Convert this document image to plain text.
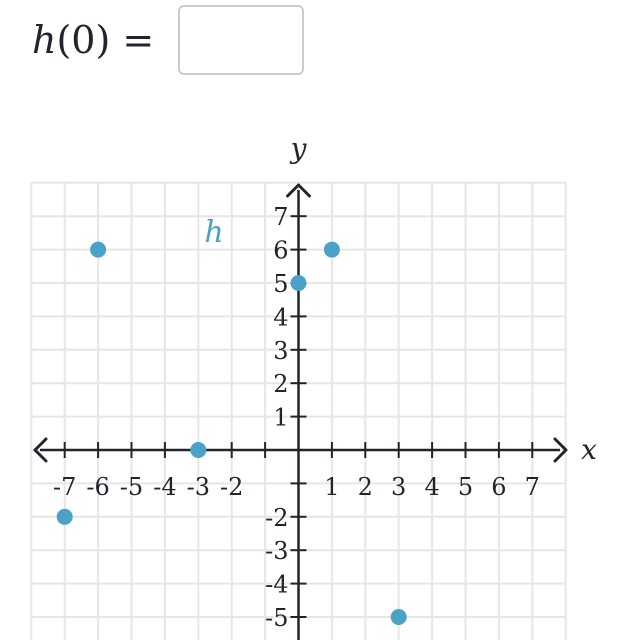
h(0) =
-7 -6 -5 -4 -3 -2	1 2 3 4 5 6 7
7
6
5
4
3
2
1
-2
-3
-4
-5
x
y
h
